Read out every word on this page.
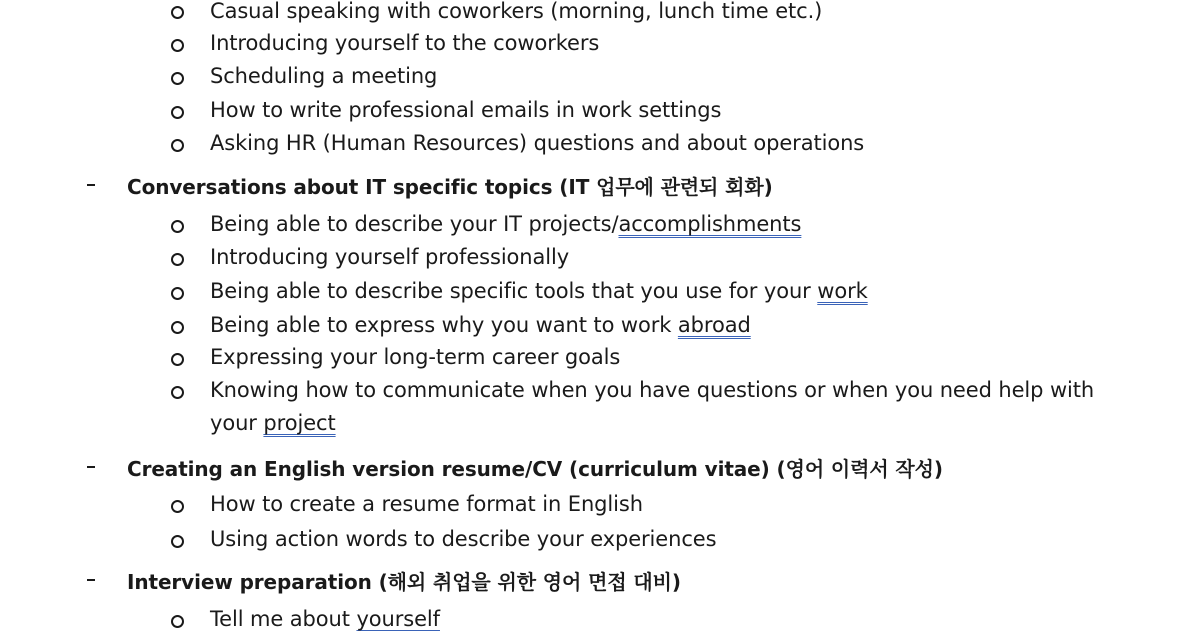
Casual speaking with coworkers (morning, lunch time etc.)
Introducing yourself to the coworkers
Scheduling a meeting
How to write professional emails in work settings
Asking HR (Human Resources) questions and about operations
Conversations about IT specific topics (IT 업무에 관련되 회화)
Being able to describe your IT projects/accomplishments
Introducing yourself professionally
Being able to describe specific tools that you use for your work
Being able to express why you want to work abroad
Expressing your long-term career goals
Knowing how to communicate when you have questions or when you need help with
your project
Creating an English version resume/CV (curriculum vitae) (영어 이력서 작성)
How to create a resume format in English
Using action words to describe your experiences
Interview preparation (해외 취업을 위한 영어 면접 대비)
Tell me about yourself
